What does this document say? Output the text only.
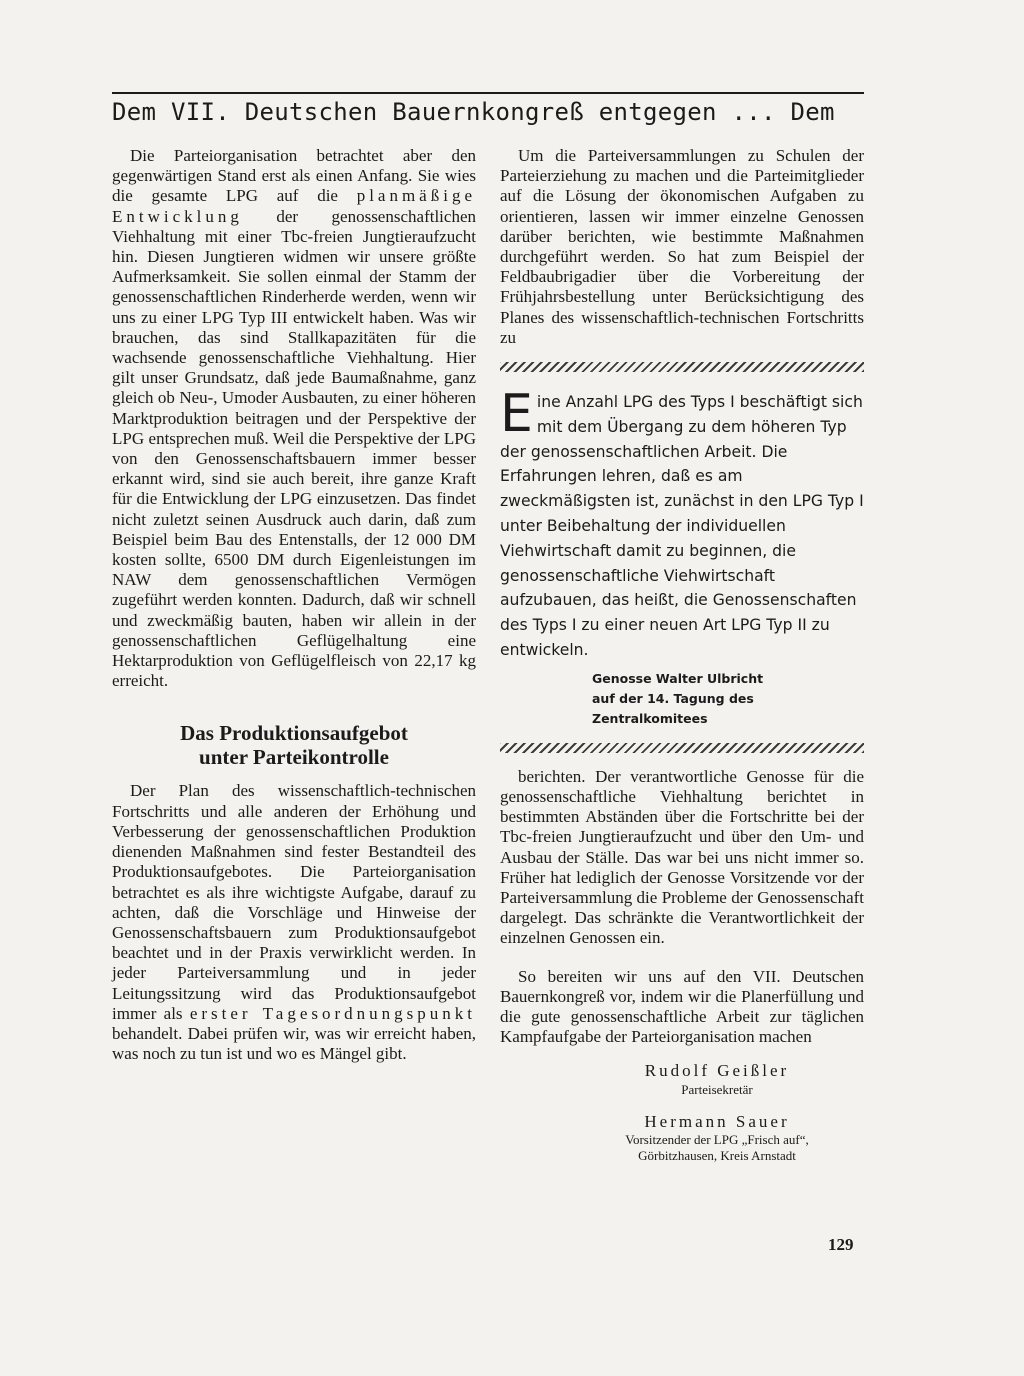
Dem VII. Deutschen Bauernkongreß entgegen ... Dem

Die Parteiorganisation betrachtet aber den gegenwärtigen Stand erst als einen Anfang. Sie wies die gesamte LPG auf die planmäßige Entwicklung der genossenschaftlichen Viehhaltung mit einer Tbc-freien Jungtieraufzucht hin. Diesen Jungtieren widmen wir unsere größte Aufmerksamkeit. Sie sollen einmal der Stamm der genossenschaftlichen Rinderherde werden, wenn wir uns zu einer LPG Typ III entwickelt haben. Was wir brauchen, das sind Stallkapazitäten für die wachsende genossenschaftliche Viehhaltung. Hier gilt unser Grundsatz, daß jede Baumaßnahme, ganz gleich ob Neu-, Umoder Ausbauten, zu einer höheren Marktproduktion beitragen und der Perspektive der LPG entsprechen muß. Weil die Perspektive der LPG von den Genossenschaftsbauern immer besser erkannt wird, sind sie auch bereit, ihre ganze Kraft für die Entwicklung der LPG einzusetzen. Das findet nicht zuletzt seinen Ausdruck auch darin, daß zum Beispiel beim Bau des Entenstalls, der 12 000 DM kosten sollte, 6500 DM durch Eigenleistungen im NAW dem genossenschaftlichen Vermögen zugeführt werden konnten. Dadurch, daß wir schnell und zweckmäßig bauten, haben wir allein in der genossenschaftlichen Geflügelhaltung eine Hektarproduktion von Geflügelfleisch von 22,17 kg erreicht.

Das Produktionsaufgebot
unter Parteikontrolle

Der Plan des wissenschaftlich-technischen Fortschritts und alle anderen der Erhöhung und Verbesserung der genossenschaftlichen Produktion dienenden Maßnahmen sind fester Bestandteil des Produktionsaufgebotes. Die Parteiorganisation betrachtet es als ihre wichtigste Aufgabe, darauf zu achten, daß die Vorschläge und Hinweise der Genossenschaftsbauern zum Produktionsaufgebot beachtet und in der Praxis verwirklicht werden. In jeder Parteiversammlung und in jeder Leitungssitzung wird das Produktionsaufgebot immer als erster Tagesordnungspunkt behandelt. Dabei prüfen wir, was wir erreicht haben, was noch zu tun ist und wo es Mängel gibt.

Um die Parteiversammlungen zu Schulen der Parteierziehung zu machen und die Parteimitglieder auf die Lösung der ökonomischen Aufgaben zu orientieren, lassen wir immer einzelne Genossen darüber berichten, wie bestimmte Maßnahmen durchgeführt werden. So hat zum Beispiel der Feldbaubrigadier über die Vorbereitung der Frühjahrsbestellung unter Berücksichtigung des Planes des wissenschaftlich-technischen Fortschritts zu

Eine Anzahl LPG des Typs I beschäftigt sich mit dem Übergang zu dem höheren Typ der genossenschaftlichen Arbeit. Die Erfahrungen lehren, daß es am zweckmäßigsten ist, zunächst in den LPG Typ I unter Beibehaltung der individuellen Viehwirtschaft damit zu beginnen, die genossenschaftliche Viehwirtschaft aufzubauen, das heißt, die Genossenschaften des Typs I zu einer neuen Art LPG Typ II zu entwickeln.
Genosse Walter Ulbricht
auf der 14. Tagung des Zentralkomitees

berichten. Der verantwortliche Genosse für die genossenschaftliche Viehhaltung berichtet in bestimmten Abständen über die Fortschritte bei der Tbc-freien Jungtieraufzucht und über den Um- und Ausbau der Ställe. Das war bei uns nicht immer so. Früher hat lediglich der Genosse Vorsitzende vor der Parteiversammlung die Probleme der Genossenschaft dargelegt. Das schränkte die Verantwortlichkeit der einzelnen Genossen ein.

So bereiten wir uns auf den VII. Deutschen Bauernkongreß vor, indem wir die Planerfüllung und die gute genossenschaftliche Arbeit zur täglichen Kampfaufgabe der Parteiorganisation machen

Rudolf Geißler
Parteisekretär
Hermann Sauer
Vorsitzender der LPG „Frisch auf“,
Görbitzhausen, Kreis Arnstadt
129
